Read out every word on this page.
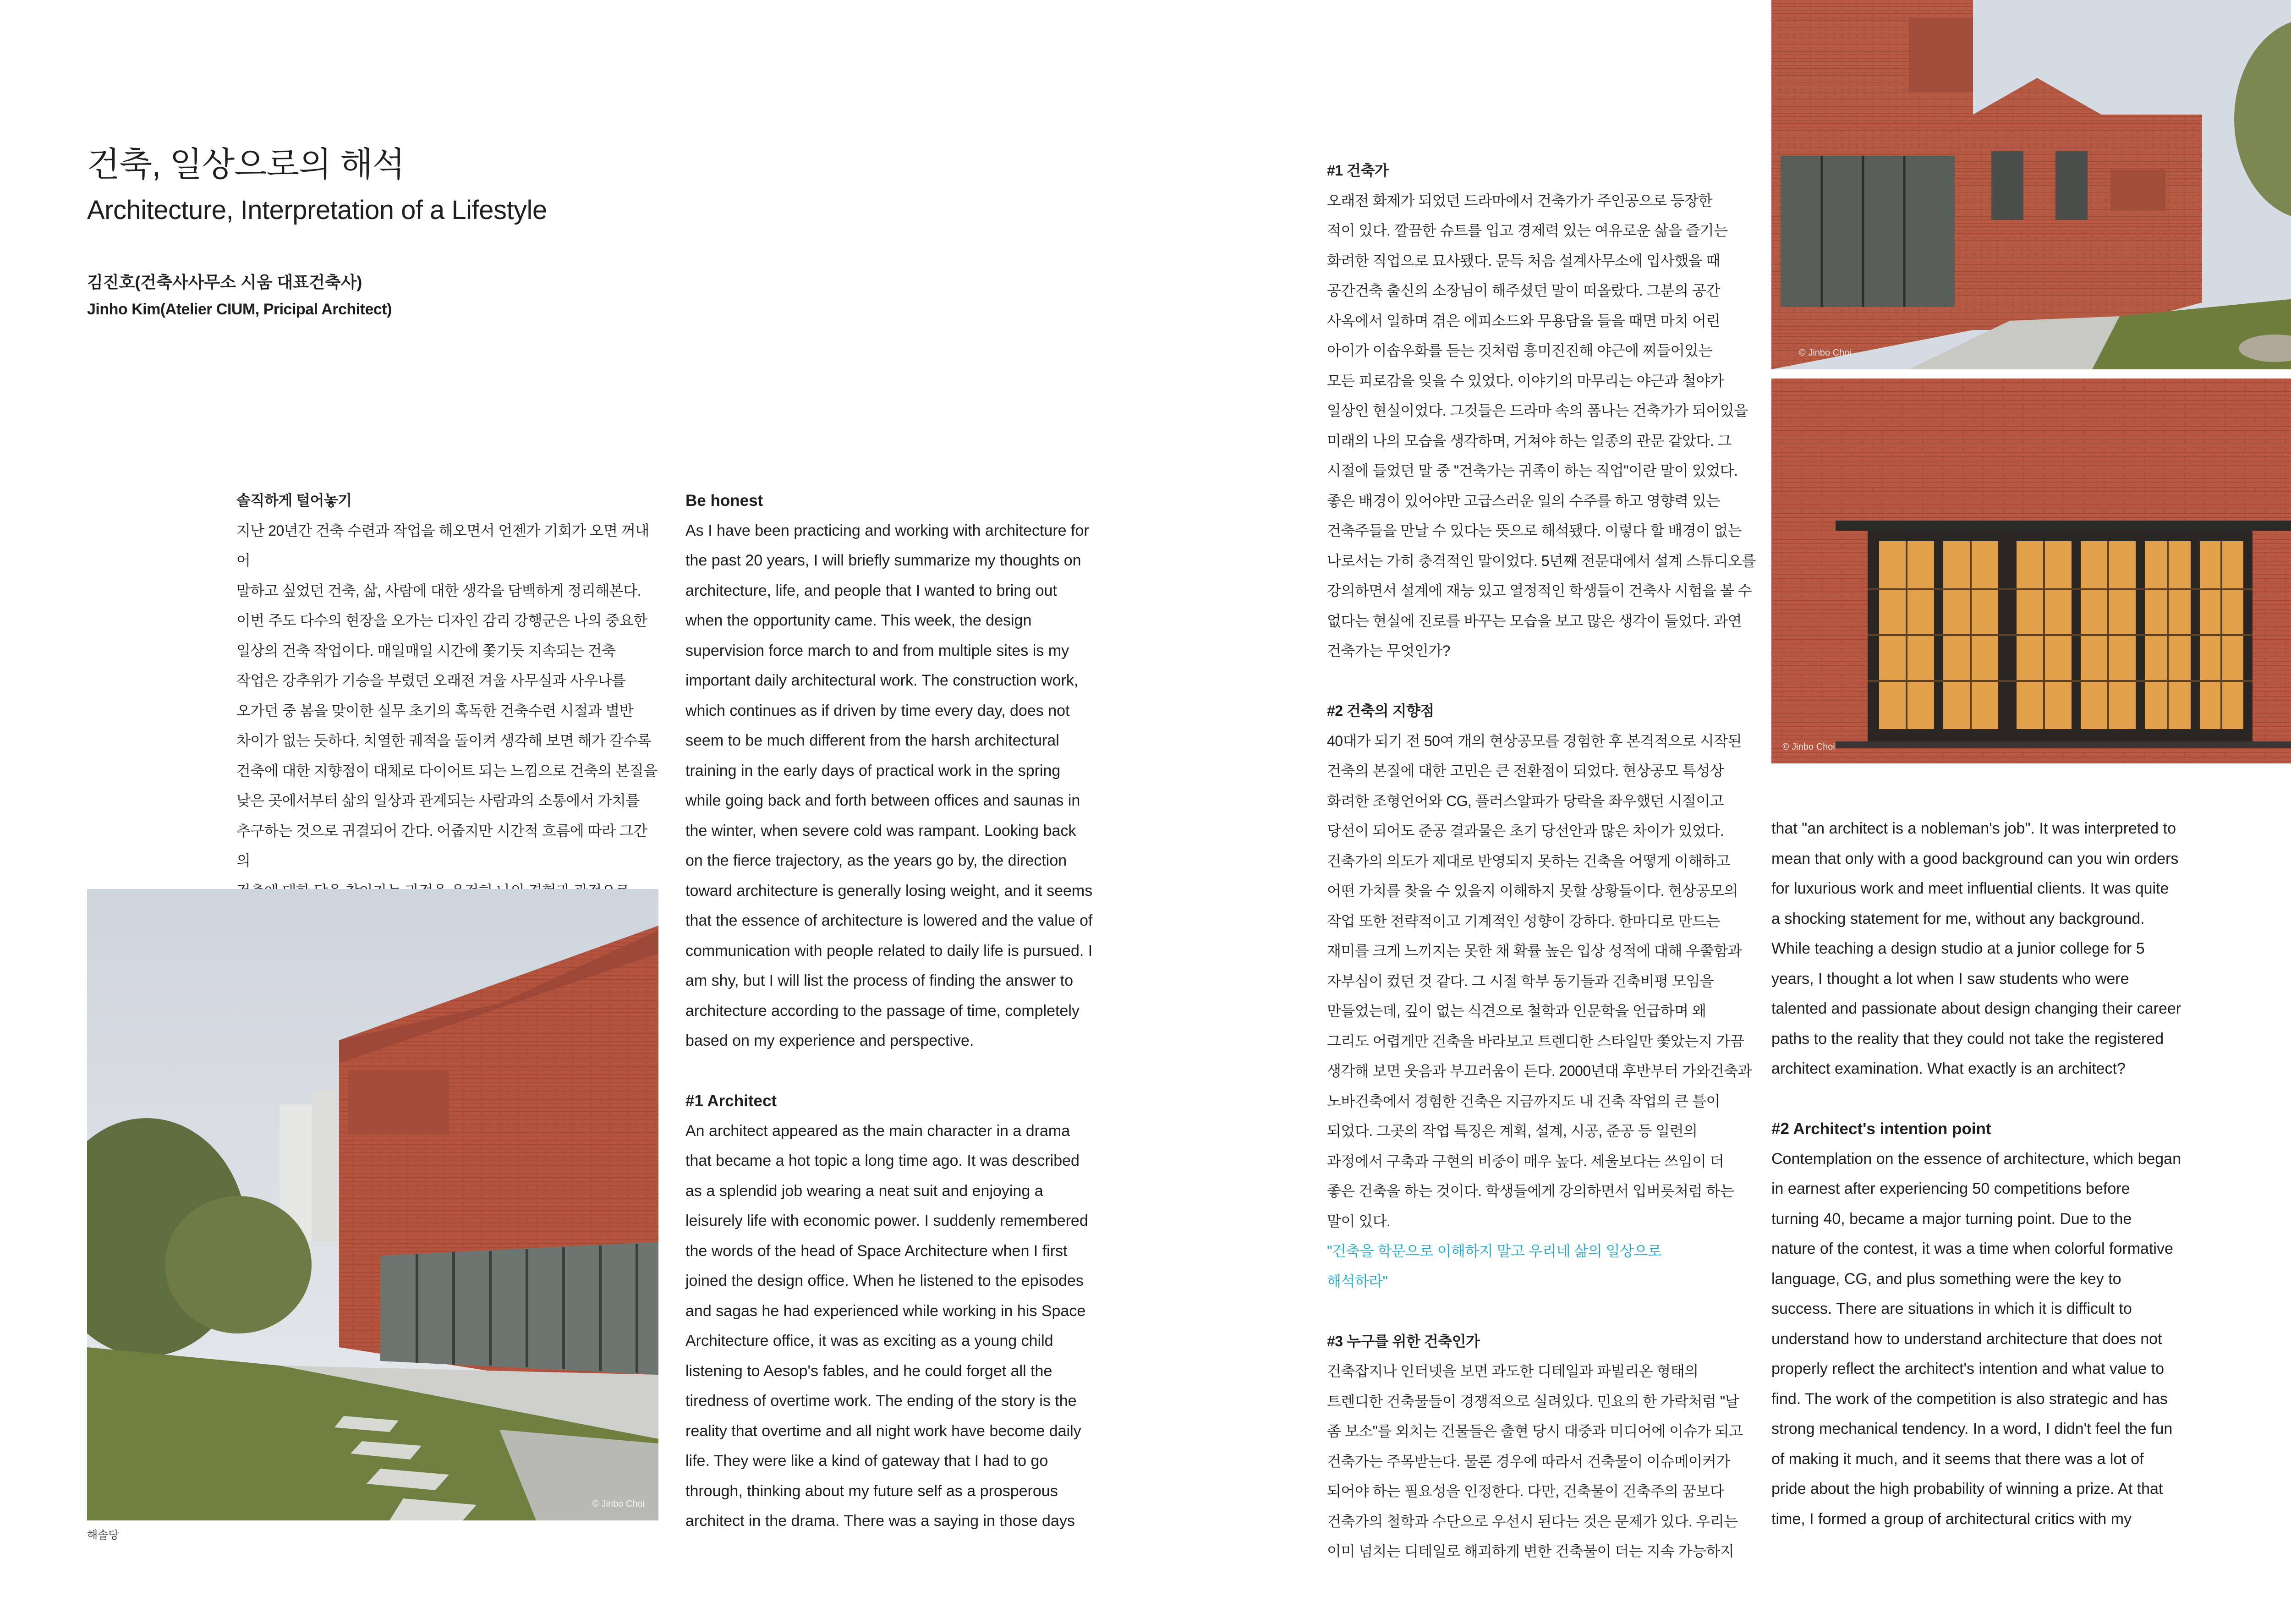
건축, 일상으로의 해석
Architecture, Interpretation of a Lifestyle
김진호(건축사사무소 시움 대표건축사)
Jinho Kim(Atelier CIUM, Pricipal Architect)
솔직하게 털어놓기

지난 20년간 건축 수련과 작업을 해오면서 언젠가 기회가 오면 꺼내어

말하고 싶었던 건축, 삶, 사람에 대한 생각을 담백하게 정리해본다.

이번 주도 다수의 현장을 오가는 디자인 감리 강행군은 나의 중요한

일상의 건축 작업이다. 매일매일 시간에 쫓기듯 지속되는 건축

작업은 강추위가 기승을 부렸던 오래전 겨울 사무실과 사우나를

오가던 중 봄을 맞이한 실무 초기의 혹독한 건축수련 시절과 별반

차이가 없는 듯하다. 치열한 궤적을 돌이켜 생각해 보면 해가 갈수록

건축에 대한 지향점이 대체로 다이어트 되는 느낌으로 건축의 본질을

낮은 곳에서부터 삶의 일상과 관계되는 사람과의 소통에서 가치를

추구하는 것으로 귀결되어 간다. 어줍지만 시간적 흐름에 따라 그간의

© Jinbo Choi
해솔당
Be honest

As I have been practicing and working with architecture for

the past 20 years, I will briefly summarize my thoughts on

architecture, life, and people that I wanted to bring out

when the opportunity came. This week, the design

supervision force march to and from multiple sites is my

important daily architectural work. The construction work,

which continues as if driven by time every day, does not

seem to be much different from the harsh architectural

training in the early days of practical work in the spring

while going back and forth between offices and saunas in

the winter, when severe cold was rampant. Looking back

on the fierce trajectory, as the years go by, the direction

toward architecture is generally losing weight, and it seems

that the essence of architecture is lowered and the value of

communication with people related to daily life is pursued. I

am shy, but I will list the process of finding the answer to

architecture according to the passage of time, completely

based on my experience and perspective.

#1 Architect

An architect appeared as the main character in a drama

that became a hot topic a long time ago. It was described

as a splendid job wearing a neat suit and enjoying a

leisurely life with economic power. I suddenly remembered

the words of the head of Space Architecture when I first

joined the design office. When he listened to the episodes

and sagas he had experienced while working in his Space

Architecture office, it was as exciting as a young child

listening to Aesop's fables, and he could forget all the

tiredness of overtime work. The ending of the story is the

reality that overtime and all night work have become daily

life. They were like a kind of gateway that I had to go

through, thinking about my future self as a prosperous

architect in the drama. There was a saying in those days

#1 건축가

오래전 화제가 되었던 드라마에서 건축가가 주인공으로 등장한

적이 있다. 깔끔한 슈트를 입고 경제력 있는 여유로운 삶을 즐기는

화려한 직업으로 묘사됐다. 문득 처음 설계사무소에 입사했을 때

공간건축 출신의 소장님이 해주셨던 말이 떠올랐다. 그분의 공간

사옥에서 일하며 겪은 에피소드와 무용담을 들을 때면 마치 어린

아이가 이솝우화를 듣는 것처럼 흥미진진해 야근에 찌들어있는

모든 피로감을 잊을 수 있었다. 이야기의 마무리는 야근과 철야가

일상인 현실이었다. 그것들은 드라마 속의 폼나는 건축가가 되어있을

미래의 나의 모습을 생각하며, 거쳐야 하는 일종의 관문 같았다. 그

시절에 들었던 말 중 "건축가는 귀족이 하는 직업"이란 말이 있었다.

좋은 배경이 있어야만 고급스러운 일의 수주를 하고 영향력 있는

건축주들을 만날 수 있다는 뜻으로 해석됐다. 이렇다 할 배경이 없는

나로서는 가히 충격적인 말이었다. 5년째 전문대에서 설계 스튜디오를

강의하면서 설계에 재능 있고 열정적인 학생들이 건축사 시험을 볼 수

없다는 현실에 진로를 바꾸는 모습을 보고 많은 생각이 들었다. 과연

건축가는 무엇인가?

#2 건축의 지향점

40대가 되기 전 50여 개의 현상공모를 경험한 후 본격적으로 시작된

건축의 본질에 대한 고민은 큰 전환점이 되었다. 현상공모 특성상

화려한 조형언어와 CG, 플러스알파가 당락을 좌우했던 시절이고

당선이 되어도 준공 결과물은 초기 당선안과 많은 차이가 있었다.

건축가의 의도가 제대로 반영되지 못하는 건축을 어떻게 이해하고

어떤 가치를 찾을 수 있을지 이해하지 못할 상황들이다. 현상공모의

작업 또한 전략적이고 기계적인 성향이 강하다. 한마디로 만드는

재미를 크게 느끼지는 못한 채 확률 높은 입상 성적에 대해 우쭐함과

자부심이 컸던 것 같다. 그 시절 학부 동기들과 건축비평 모임을

만들었는데, 깊이 없는 식견으로 철학과 인문학을 언급하며 왜

그리도 어렵게만 건축을 바라보고 트렌디한 스타일만 쫓았는지 가끔

생각해 보면 웃음과 부끄러움이 든다. 2000년대 후반부터 가와건축과

노바건축에서 경험한 건축은 지금까지도 내 건축 작업의 큰 틀이

되었다. 그곳의 작업 특징은 계획, 설계, 시공, 준공 등 일련의

과정에서 구축과 구현의 비중이 매우 높다. 세울보다는 쓰임이 더

좋은 건축을 하는 것이다. 학생들에게 강의하면서 입버릇처럼 하는

말이 있다.

"건축을 학문으로 이해하지 말고 우리네 삶의 일상으로

해석하라"

#3 누구를 위한 건축인가

건축잡지나 인터넷을 보면 과도한 디테일과 파빌리온 형태의

트렌디한 건축물들이 경쟁적으로 실려있다. 민요의 한 가락처럼 "날

좀 보소"를 외치는 건물들은 출현 당시 대중과 미디어에 이슈가 되고

건축가는 주목받는다. 물론 경우에 따라서 건축물이 이슈메이커가

되어야 하는 필요성을 인정한다. 다만, 건축물이 건축주의 꿈보다

건축가의 철학과 수단으로 우선시 된다는 것은 문제가 있다. 우리는

이미 넘치는 디테일로 해괴하게 변한 건축물이 더는 지속 가능하지

© Jinbo Choi
© Jinbo Choi

that "an architect is a nobleman's job". It was interpreted to

mean that only with a good background can you win orders

for luxurious work and meet influential clients. It was quite

a shocking statement for me, without any background.

While teaching a design studio at a junior college for 5

years, I thought a lot when I saw students who were

talented and passionate about design changing their career

paths to the reality that they could not take the registered

architect examination. What exactly is an architect?

#2 Architect's intention point

Contemplation on the essence of architecture, which began

in earnest after experiencing 50 competitions before

turning 40, became a major turning point. Due to the

nature of the contest, it was a time when colorful formative

language, CG, and plus something were the key to

success. There are situations in which it is difficult to

understand how to understand architecture that does not

properly reflect the architect's intention and what value to

find. The work of the competition is also strategic and has

strong mechanical tendency. In a word, I didn't feel the fun

of making it much, and it seems that there was a lot of

pride about the high probability of winning a prize. At that

time, I formed a group of architectural critics with my
